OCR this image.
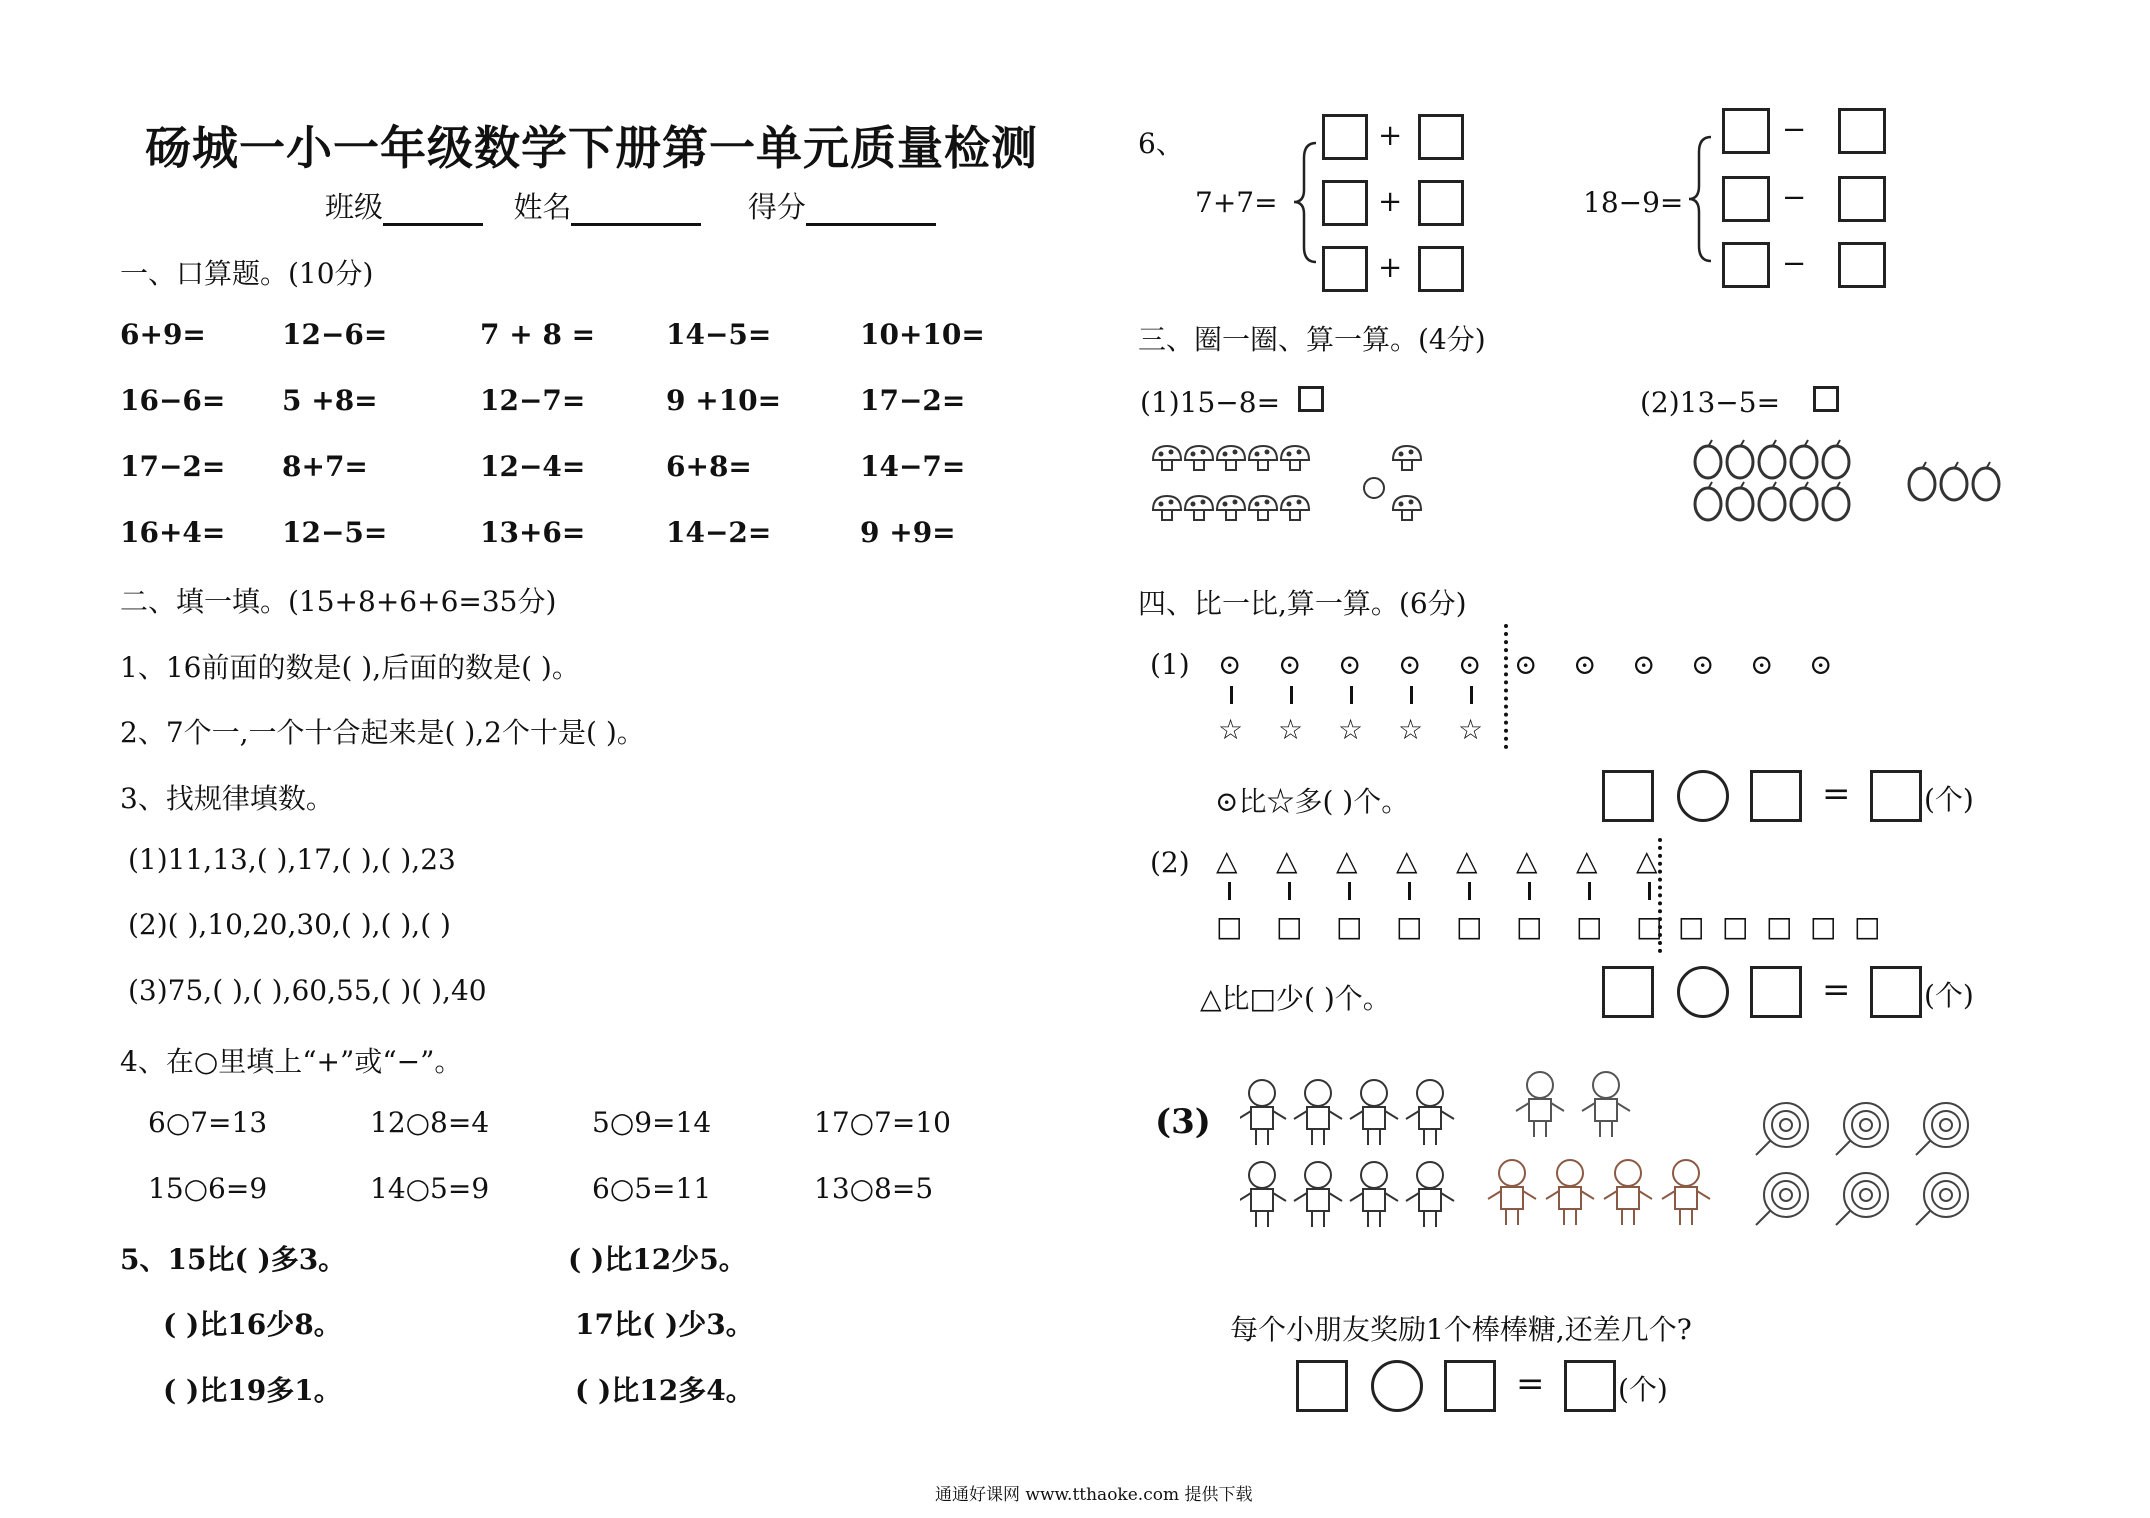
砀城一小一年级数学下册第一单元质量检测
班级	姓名	得分
一、口算题。(10分)
二、填一填。(15+8+6+6=35分)
1、16前面的数是( ),后面的数是( )。
2、7个一,一个十合起来是( ),2个十是( )。
3、找规律填数。
(1)11,13,( ),17,( ),( ),23
(2)( ),10,20,30,( ),( ),( )
(3)75,( ),( ),60,55,( )( ),40
4、在○里填上“+”或“−”。
6○7=13	12○8=4	5○9=14	17○7=10
15○6=9	14○5=9	6○5=11	13○8=5
5、15比( )多3。	( )比12少5。
( )比16少8。	17比( )少3。
( )比19多1。	( )比12多4。
6、
7+7=	18−9=
三、圈一圈、算一算。(4分)
(1)15−8=	(2)13−5=
四、比一比,算一算。(6分)
(1)
⊙比☆多( )个。
(2)
△比□少( )个。
(3)
每个小朋友奖励1个棒棒糖,还差几个?
通通好课网 www.tthaoke.com 提供下载
6+9=	12−6=	7 + 8 =	14−5=	10+10=
16−6= 5 +8=	12−7=	9 +10=	17−2=
17−2= 8+7=	12−4=	6+8=	14−7=
16+4= 12−5=	13+6=	14−2=	9 +9=
+
+
+
−
−
−
⊙ ⊙ ⊙ ⊙ ⊙ ⊙ ⊙ ⊙ ⊙ ⊙ ⊙
☆ ☆ ☆ ☆ ☆
△ △ △ △ △ △ △ △
□ □ □ □ □ □ □ □ □ □ □ □ □
=	(个)
=	(个)
=	(个)
